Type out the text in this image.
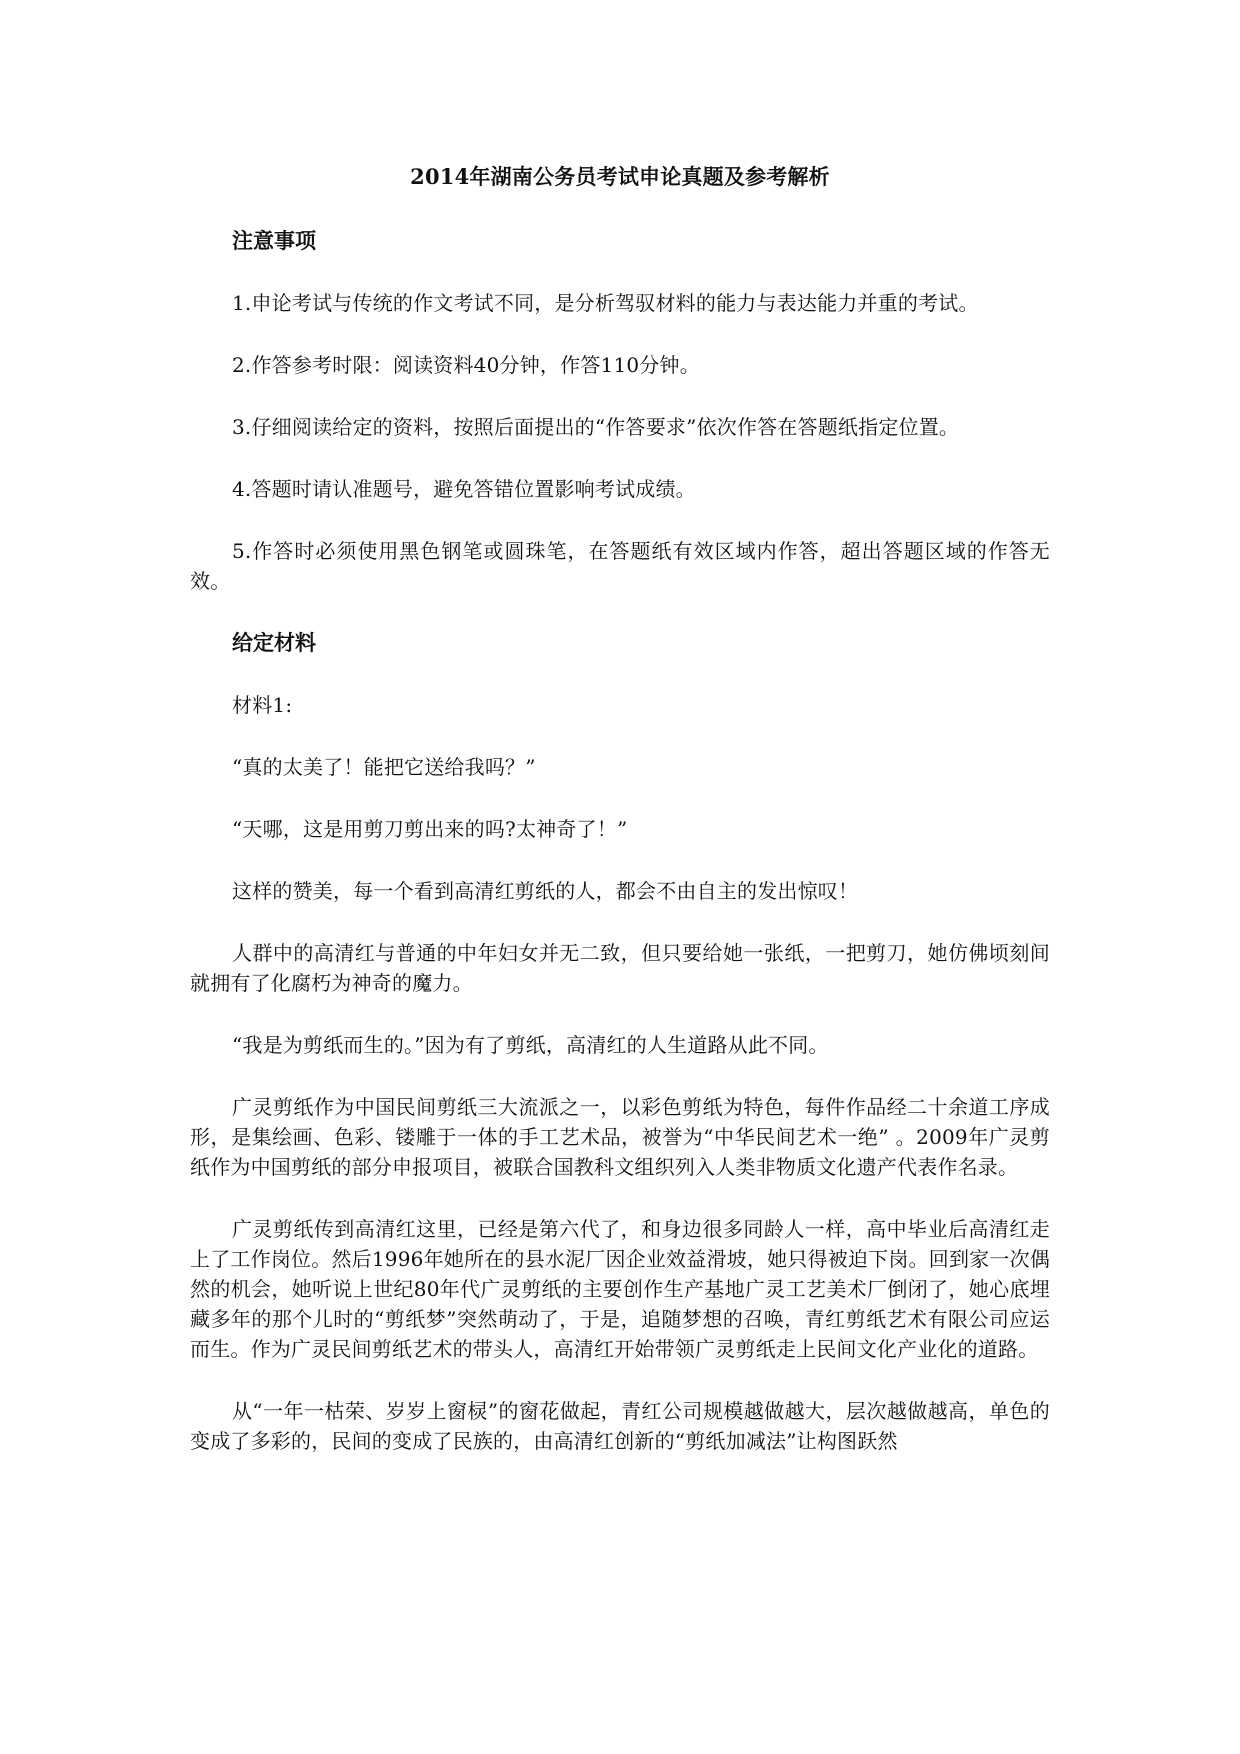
2014年湖南公务员考试申论真题及参考解析
注意事项
1.申论考试与传统的作文考试不同，是分析驾驭材料的能力与表达能力并重的考试。
2.作答参考时限：阅读资料40分钟，作答110分钟。
3.仔细阅读给定的资料，按照后面提出的“作答要求”依次作答在答题纸指定位置。
4.答题时请认准题号，避免答错位置影响考试成绩。
5.作答时必须使用黑色钢笔或圆珠笔，在答题纸有效区域内作答，超出答题区域的作答无效。
给定材料
材料1:
“真的太美了！能把它送给我吗？”
“天哪，这是用剪刀剪出来的吗?太神奇了！”
这样的赞美，每一个看到高清红剪纸的人，都会不由自主的发出惊叹！
人群中的高清红与普通的中年妇女并无二致，但只要给她一张纸，一把剪刀，她仿佛顷刻间就拥有了化腐朽为神奇的魔力。
“我是为剪纸而生的。”因为有了剪纸，高清红的人生道路从此不同。
广灵剪纸作为中国民间剪纸三大流派之一，以彩色剪纸为特色，每件作品经二十余道工序成形，是集绘画、色彩、镂雕于一体的手工艺术品，被誉为“中华民间艺术一绝” 。2009年广灵剪纸作为中国剪纸的部分申报项目，被联合国教科文组织列入人类非物质文化遗产代表作名录。
广灵剪纸传到高清红这里，已经是第六代了，和身边很多同龄人一样，高中毕业后高清红走上了工作岗位。然后1996年她所在的县水泥厂因企业效益滑坡，她只得被迫下岗。回到家一次偶然的机会，她听说上世纪80年代广灵剪纸的主要创作生产基地广灵工艺美术厂倒闭了，她心底埋藏多年的那个儿时的“剪纸梦”突然萌动了，于是，追随梦想的召唤，青红剪纸艺术有限公司应运而生。作为广灵民间剪纸艺术的带头人，高清红开始带领广灵剪纸走上民间文化产业化的道路。
从“一年一枯荣、岁岁上窗棂”的窗花做起，青红公司规模越做越大，层次越做越高，单色的变成了多彩的，民间的变成了民族的，由高清红创新的“剪纸加减法”让构图跃然
